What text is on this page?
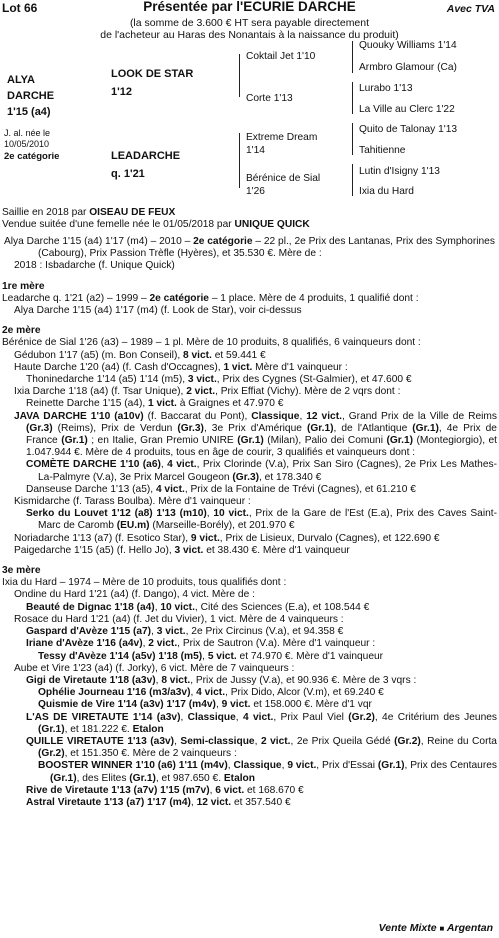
Lot 66	Présentée par l'ECURIE DARCHE	Avec TVA
(la somme de 3.600 € HT sera payable directement
de l'acheteur au Haras des Nonantais à la naissance du produit)
ALYA
DARCHE
1'15 (a4)
J. al. née le
10/05/2010
2e catégorie
LOOK DE STAR
1'12
LEADARCHE
q. 1'21
Coktail Jet 1'10
Corte 1'13
Extreme Dream
1'14
Bérénice de Sial
1'26
Quouky Williams 1'14
Armbro Glamour (Ca)
Lurabo 1'13
La Ville au Clerc 1'22
Quito de Talonay 1'13
Tahitienne
Lutin d'Isigny 1'13
Ixia du Hard
Saillie en 2018 par OISEAU DE FEUX
Vendue suitée d'une femelle née le 01/05/2018 par UNIQUE QUICK
Alya Darche 1'15 (a4) 1'17 (m4) – 2010 – 2e catégorie – 22 pl., 2e Prix des Lantanas, Prix des Symphorines (Cabourg), Prix Passion Trèfle (Hyères), et 35.530 €. Mère de :
2018 : Isbadarche (f. Unique Quick)
1re mère
Leadarche q. 1'21 (a2) – 1999 – 2e catégorie – 1 place. Mère de 4 produits, 1 qualifié dont :
Alya Darche 1'15 (a4) 1'17 (m4) (f. Look de Star), voir ci-dessus
2e mère
Bérénice de Sial 1'26 (a3) – 1989 – 1 pl. Mère de 10 produits, 8 qualifiés, 6 vainqueurs dont :
Gédubon 1'17 (a5) (m. Bon Conseil), 8 vict. et 59.441 €
Haute Darche 1'20 (a4) (f. Cash d'Occagnes), 1 vict. Mère d'1 vainqueur :
Thoninedarche 1'14 (a5) 1'14 (m5), 3 vict., Prix des Cygnes (St-Galmier), et 47.600 €
Ixia Darche 1'18 (a4) (f. Tsar Unique), 2 vict., Prix Effiat (Vichy). Mère de 2 vqrs dont :
Reinette Darche 1'15 (a4), 1 vict. à Graignes et 47.970 €
JAVA DARCHE 1'10 (a10v) (f. Baccarat du Pont), Classique, 12 vict., Grand Prix de la Ville de Reims (Gr.3) (Reims), Prix de Verdun (Gr.3), 3e Prix d'Amérique (Gr.1), de l'Atlantique (Gr.1), 4e Prix de France (Gr.1) ; en Italie, Gran Premio UNIRE (Gr.1) (Milan), Palio dei Comuni (Gr.1) (Montegiorgio), et 1.047.944 €. Mère de 4 produits, tous en âge de courir, 3 qualifiés et vainqueurs dont :
COMÈTE DARCHE 1'10 (a6), 4 vict., Prix Clorinde (V.a), Prix San Siro (Cagnes), 2e Prix Les Mathes-La-Palmyre (V.a), 3e Prix Marcel Gougeon (Gr.3), et 178.340 €
Danseuse Darche 1'13 (a5), 4 vict., Prix de la Fontaine de Trévi (Cagnes), et 61.210 €
Kismidarche (f. Tarass Boulba). Mère d'1 vainqueur :
Serko du Louvet 1'12 (a8) 1'13 (m10), 10 vict., Prix de la Gare de l'Est (E.a), Prix des Caves Saint-Marc de Caromb (EU.m) (Marseille-Borély), et 201.970 €
Noriadarche 1'13 (a7) (f. Esotico Star), 9 vict., Prix de Lisieux, Durvalo (Cagnes), et 122.690 €
Paigedarche 1'15 (a5) (f. Hello Jo), 3 vict. et 38.430 €. Mère d'1 vainqueur
3e mère
Ixia du Hard – 1974 – Mère de 10 produits, tous qualifiés dont :
Ondine du Hard 1'21 (a4) (f. Dango), 4 vict. Mère de :
Beauté de Dignac 1'18 (a4), 10 vict., Cité des Sciences (E.a), et 108.544 €
Rosace du Hard 1'21 (a4) (f. Jet du Vivier), 1 vict. Mère de 4 vainqueurs :
Gaspard d'Avèze 1'15 (a7), 3 vict., 2e Prix Circinus (V.a), et 94.358 €
Iriane d'Avèze 1'16 (a4v), 2 vict., Prix de Sautron (V.a). Mère d'1 vainqueur :
Tessy d'Avèze 1'14 (a5v) 1'18 (m5), 5 vict. et 74.970 €. Mère d'1 vainqueur
Aube et Vire 1'23 (a4) (f. Jorky), 6 vict. Mère de 7 vainqueurs :
Gigi de Viretaute 1'18 (a3v), 8 vict., Prix de Jussy (V.a), et 90.936 €. Mère de 3 vqrs :
Ophélie Journeau 1'16 (m3/a3v), 4 vict., Prix Dido, Alcor (V.m), et 69.240 €
Quismie de Vire 1'14 (a3v) 1'17 (m4v), 9 vict. et 158.000 €. Mère d'1 vqr
L'AS DE VIRETAUTE 1'14 (a3v), Classique, 4 vict., Prix Paul Viel (Gr.2), 4e Critérium des Jeunes (Gr.1), et 181.222 €. Etalon
QUILLE VIRETAUTE 1'13 (a3v), Semi-classique, 2 vict., 2e Prix Queila Gédé (Gr.2), Reine du Corta (Gr.2), et 151.350 €. Mère de 2 vainqueurs :
BOOSTER WINNER 1'10 (a6) 1'11 (m4v), Classique, 9 vict., Prix d'Essai (Gr.1), Prix des Centaures (Gr.1), des Elites (Gr.1), et 987.650 €. Etalon
Rive de Viretaute 1'13 (a7v) 1'15 (m7v), 6 vict. et 168.670 €
Astral Viretaute 1'13 (a7) 1'17 (m4), 12 vict. et 357.540 €
Vente Mixte ■ Argentan
